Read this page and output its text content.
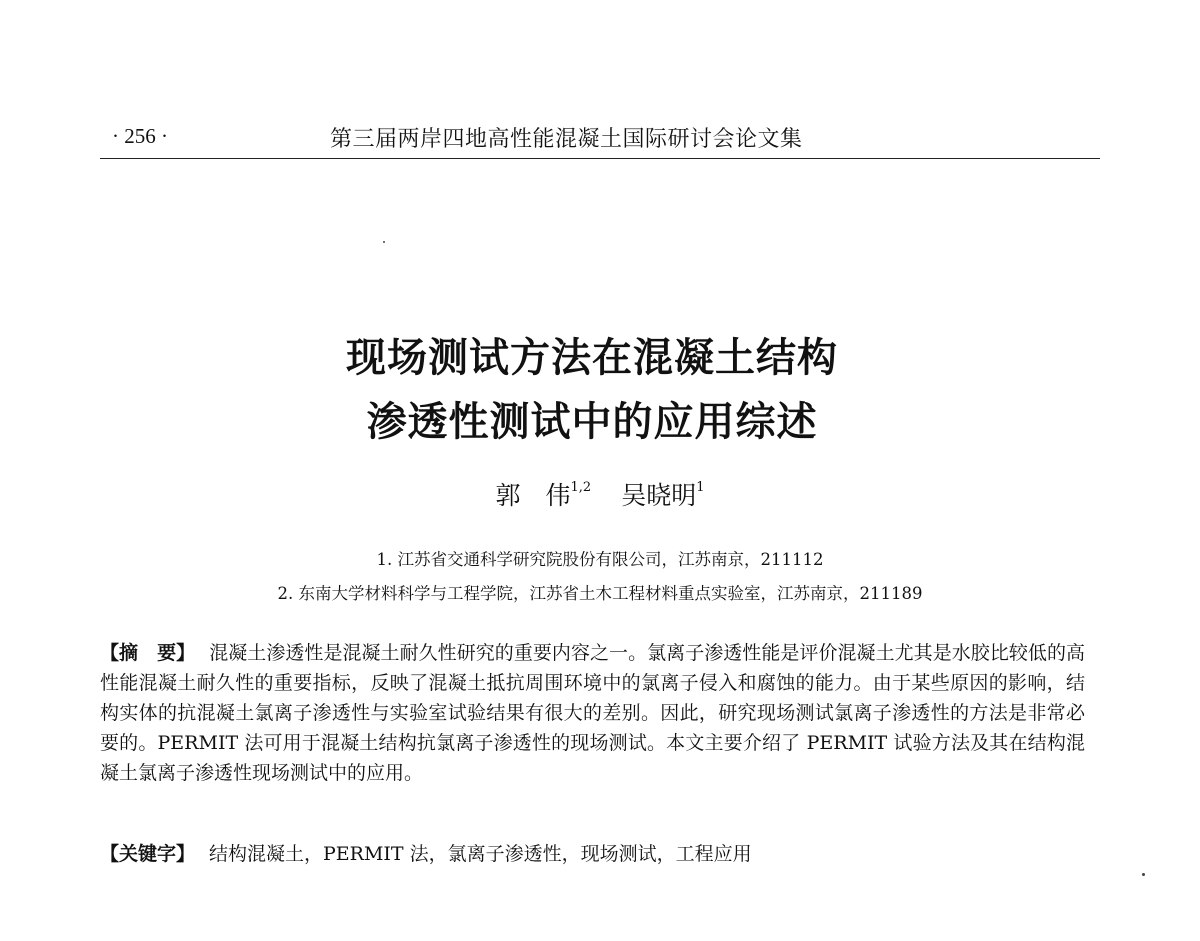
· 256 ·	第三届两岸四地高性能混凝土国际研讨会论文集
现场测试方法在混凝土结构
渗透性测试中的应用综述
郭　伟$^{1,2}$ 吴晓明$^1$
1. 江苏省交通科学研究院股份有限公司，江苏南京，211112
2. 东南大学材料科学与工程学院，江苏省土木工程材料重点实验室，江苏南京，211189
【摘　要】 混凝土渗透性是混凝土耐久性研究的重要内容之一。氯离子渗透性能是评价混凝土尤其是水胶比较低的高性能混凝土耐久性的重要指标，反映了混凝土抵抗周围环境中的氯离子侵入和腐蚀的能力。由于某些原因的影响，结构实体的抗混凝土氯离子渗透性与实验室试验结果有很大的差别。因此，研究现场测试氯离子渗透性的方法是非常必要的。PERMIT 法可用于混凝土结构抗氯离子渗透性的现场测试。本文主要介绍了 PERMIT 试验方法及其在结构混凝土氯离子渗透性现场测试中的应用。
【关键字】 结构混凝土，PERMIT 法，氯离子渗透性，现场测试，工程应用
